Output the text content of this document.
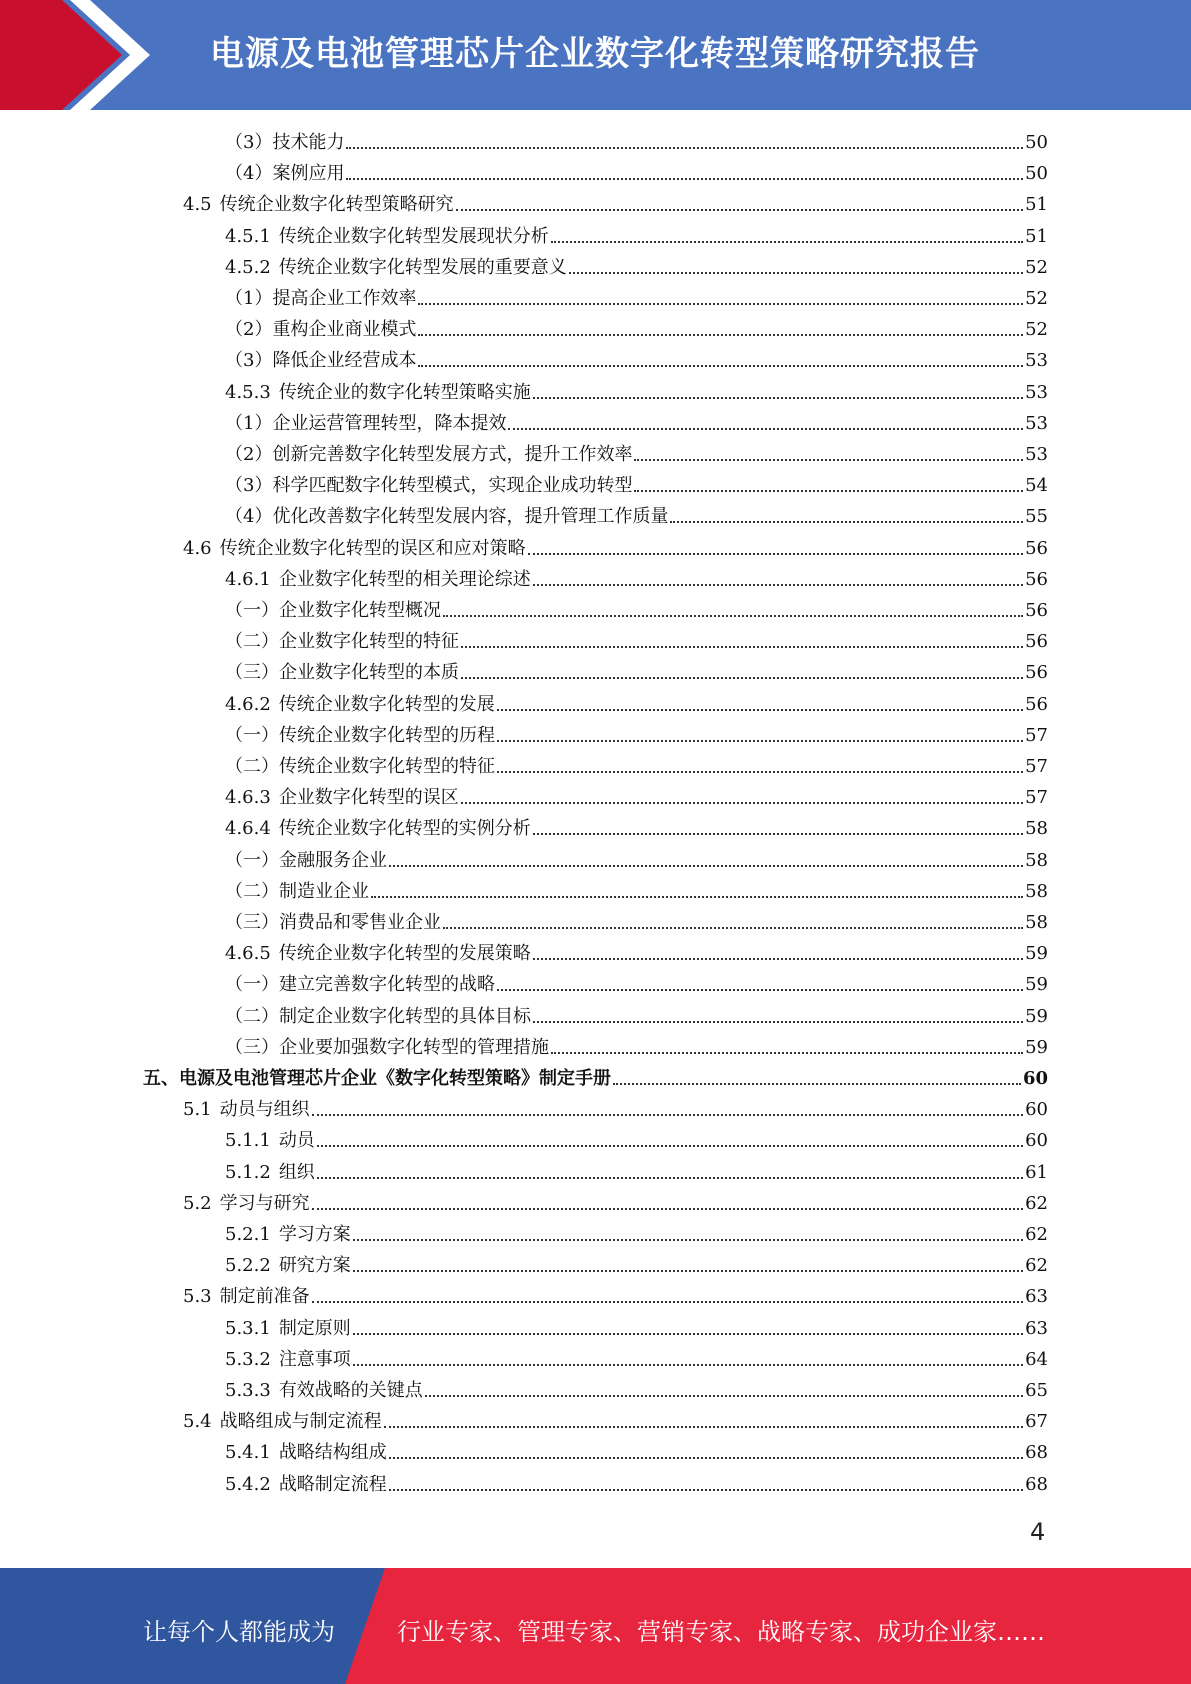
电源及电池管理芯片企业数字化转型策略研究报告
（3）技术能力	50
（4）案例应用	50
4.5 传统企业数字化转型策略研究	51
4.5.1 传统企业数字化转型发展现状分析	51
4.5.2 传统企业数字化转型发展的重要意义	52
（1）提高企业工作效率	52
（2）重构企业商业模式	52
（3）降低企业经营成本	53
4.5.3 传统企业的数字化转型策略实施	53
（1）企业运营管理转型，降本提效	53
（2）创新完善数字化转型发展方式，提升工作效率	53
（3）科学匹配数字化转型模式，实现企业成功转型	54
（4）优化改善数字化转型发展内容，提升管理工作质量	55
4.6 传统企业数字化转型的误区和应对策略	56
4.6.1 企业数字化转型的相关理论综述	56
（一）企业数字化转型概况	56
（二）企业数字化转型的特征	56
（三）企业数字化转型的本质	56
4.6.2 传统企业数字化转型的发展	56
（一）传统企业数字化转型的历程	57
（二）传统企业数字化转型的特征	57
4.6.3 企业数字化转型的误区	57
4.6.4 传统企业数字化转型的实例分析	58
（一）金融服务企业	58
（二）制造业企业	58
（三）消费品和零售业企业	58
4.6.5 传统企业数字化转型的发展策略	59
（一）建立完善数字化转型的战略	59
（二）制定企业数字化转型的具体目标	59
（三）企业要加强数字化转型的管理措施	59
五、电源及电池管理芯片企业《数字化转型策略》制定手册	60
5.1 动员与组织	60
5.1.1 动员	60
5.1.2 组织	61
5.2 学习与研究	62
5.2.1 学习方案	62
5.2.2 研究方案	62
5.3 制定前准备	63
5.3.1 制定原则	63
5.3.2 注意事项	64
5.3.3 有效战略的关键点	65
5.4 战略组成与制定流程	67
5.4.1 战略结构组成	68
5.4.2 战略制定流程	68
4
让每个人都能成为	行业专家、管理专家、营销专家、战略专家、成功企业家……
